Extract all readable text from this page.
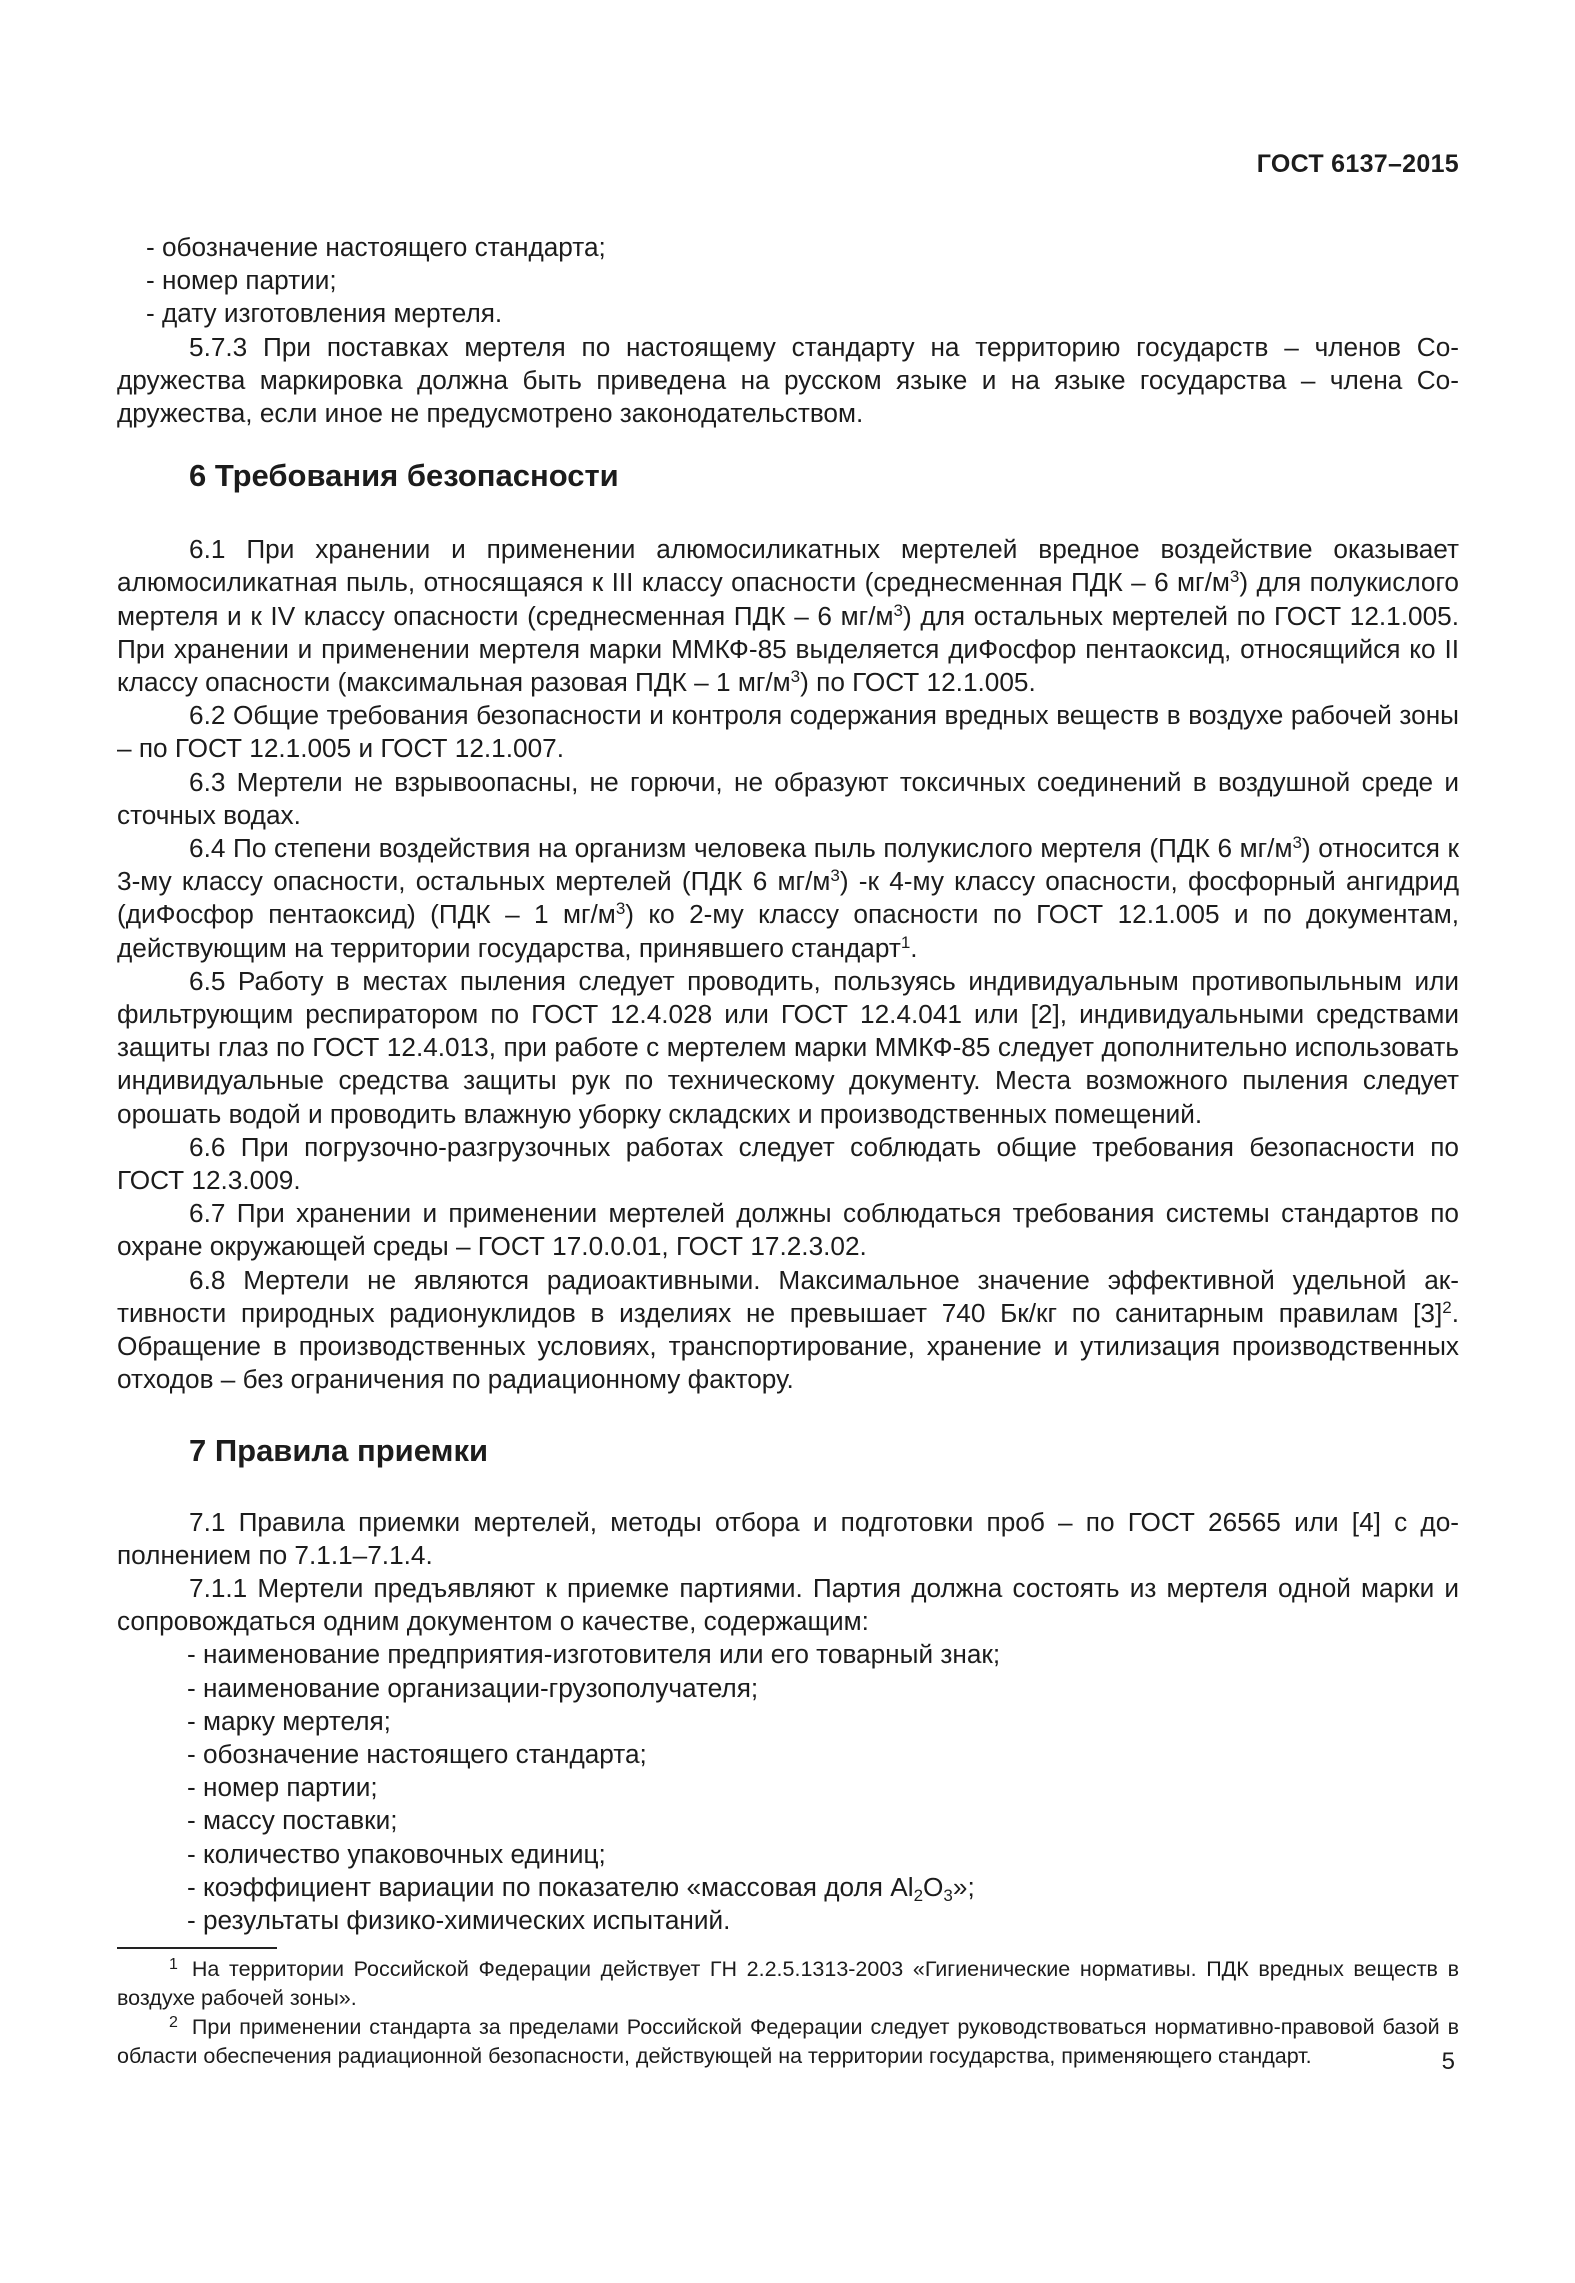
ГОСТ 6137–2015

- обозначение настоящего стандарта;

- номер партии;

- дату изготовления мертеля.

5.7.3 При поставках мертеля по настоящему стандарту на территорию государств – членов Содружества маркировка должна быть приведена на русском языке и на языке государства – члена Содружества, если иное не предусмотрено законодательством.

6 Требования безопасности

6.1 При хранении и применении алюмосиликатных мертелей вредное воздействие оказывает алюмосиликатная пыль, относящаяся к III классу опасности (среднесменная ПДК – 6 $мг/м^3$) для полукислого мертеля и к IV классу опасности (среднесменная ПДК – 6 $мг/м^3$) для остальных мертелей по ГОСТ 12.1.005. При хранении и применении мертеля марки ММКФ-85 выделяется диФосфор пентаоксид, относящийся ко II классу опасности (максимальная разовая ПДК – 1 $мг/м^3$) по ГОСТ 12.1.005.

6.2 Общие требования безопасности и контроля содержания вредных веществ в воздухе рабочей зоны – по ГОСТ 12.1.005 и ГОСТ 12.1.007.

6.3 Мертели не взрывоопасны, не горючи, не образуют токсичных соединений в воздушной среде и сточных водах.

6.4 По степени воздействия на организм человека пыль полукислого мертеля (ПДК 6 $мг/м^3$) относится к 3-му классу опасности, остальных мертелей (ПДК 6 $мг/м^3$) -к 4-му классу опасности, фосфорный ангидрид (диФосфор пентаоксид) (ПДК – 1 $мг/м^3$) ко 2-му классу опасности по ГОСТ 12.1.005 и по документам, действующим на территории государства, принявшего стандарт$^1$.

6.5 Работу в местах пыления следует проводить, пользуясь индивидуальным противопыльным или фильтрующим респиратором по ГОСТ 12.4.028 или ГОСТ 12.4.041 или [2], индивидуальными средствами защиты глаз по ГОСТ 12.4.013, при работе с мертелем марки ММКФ-85 следует дополнительно использовать индивидуальные средства защиты рук по техническому документу. Места возможного пыления следует орошать водой и проводить влажную уборку складских и производственных помещений.

6.6 При погрузочно-разгрузочных работах следует соблюдать общие требования безопасности по ГОСТ 12.3.009.

6.7 При хранении и применении мертелей должны соблюдаться требования системы стандартов по охране окружающей среды – ГОСТ 17.0.0.01, ГОСТ 17.2.3.02.

6.8 Мертели не являются радиоактивными. Максимальное значение эффективной удельной активности природных радионуклидов в изделиях не превышает 740 Бк/кг по санитарным правилам $[3]^2$. Обращение в производственных условиях, транспортирование, хранение и утилизация производственных отходов – без ограничения по радиационному фактору.

7 Правила приемки

7.1 Правила приемки мертелей, методы отбора и подготовки проб – по ГОСТ 26565 или [4] с дополнением по 7.1.1–7.1.4.

7.1.1 Мертели предъявляют к приемке партиями. Партия должна состоять из мертеля одной марки и сопровождаться одним документом о качестве, содержащим:

- наименование предприятия-изготовителя или его товарный знак;

- наименование организации-грузополучателя;

- марку мертеля;

- обозначение настоящего стандарта;

- номер партии;

- массу поставки;

- количество упаковочных единиц;

- коэффициент вариации по показателю «массовая доля $Al_2O_3$»;

- результаты физико-химических испытаний.

$^1$ На территории Российской Федерации действует ГН 2.2.5.1313-2003 «Гигиенические нормативы. ПДК вредных веществ в воздухе рабочей зоны».

$^2$ При применении стандарта за пределами Российской Федерации следует руководствоваться нормативно-правовой базой в области обеспечения радиационной безопасности, действующей на территории государства, применяющего стандарт.	5
